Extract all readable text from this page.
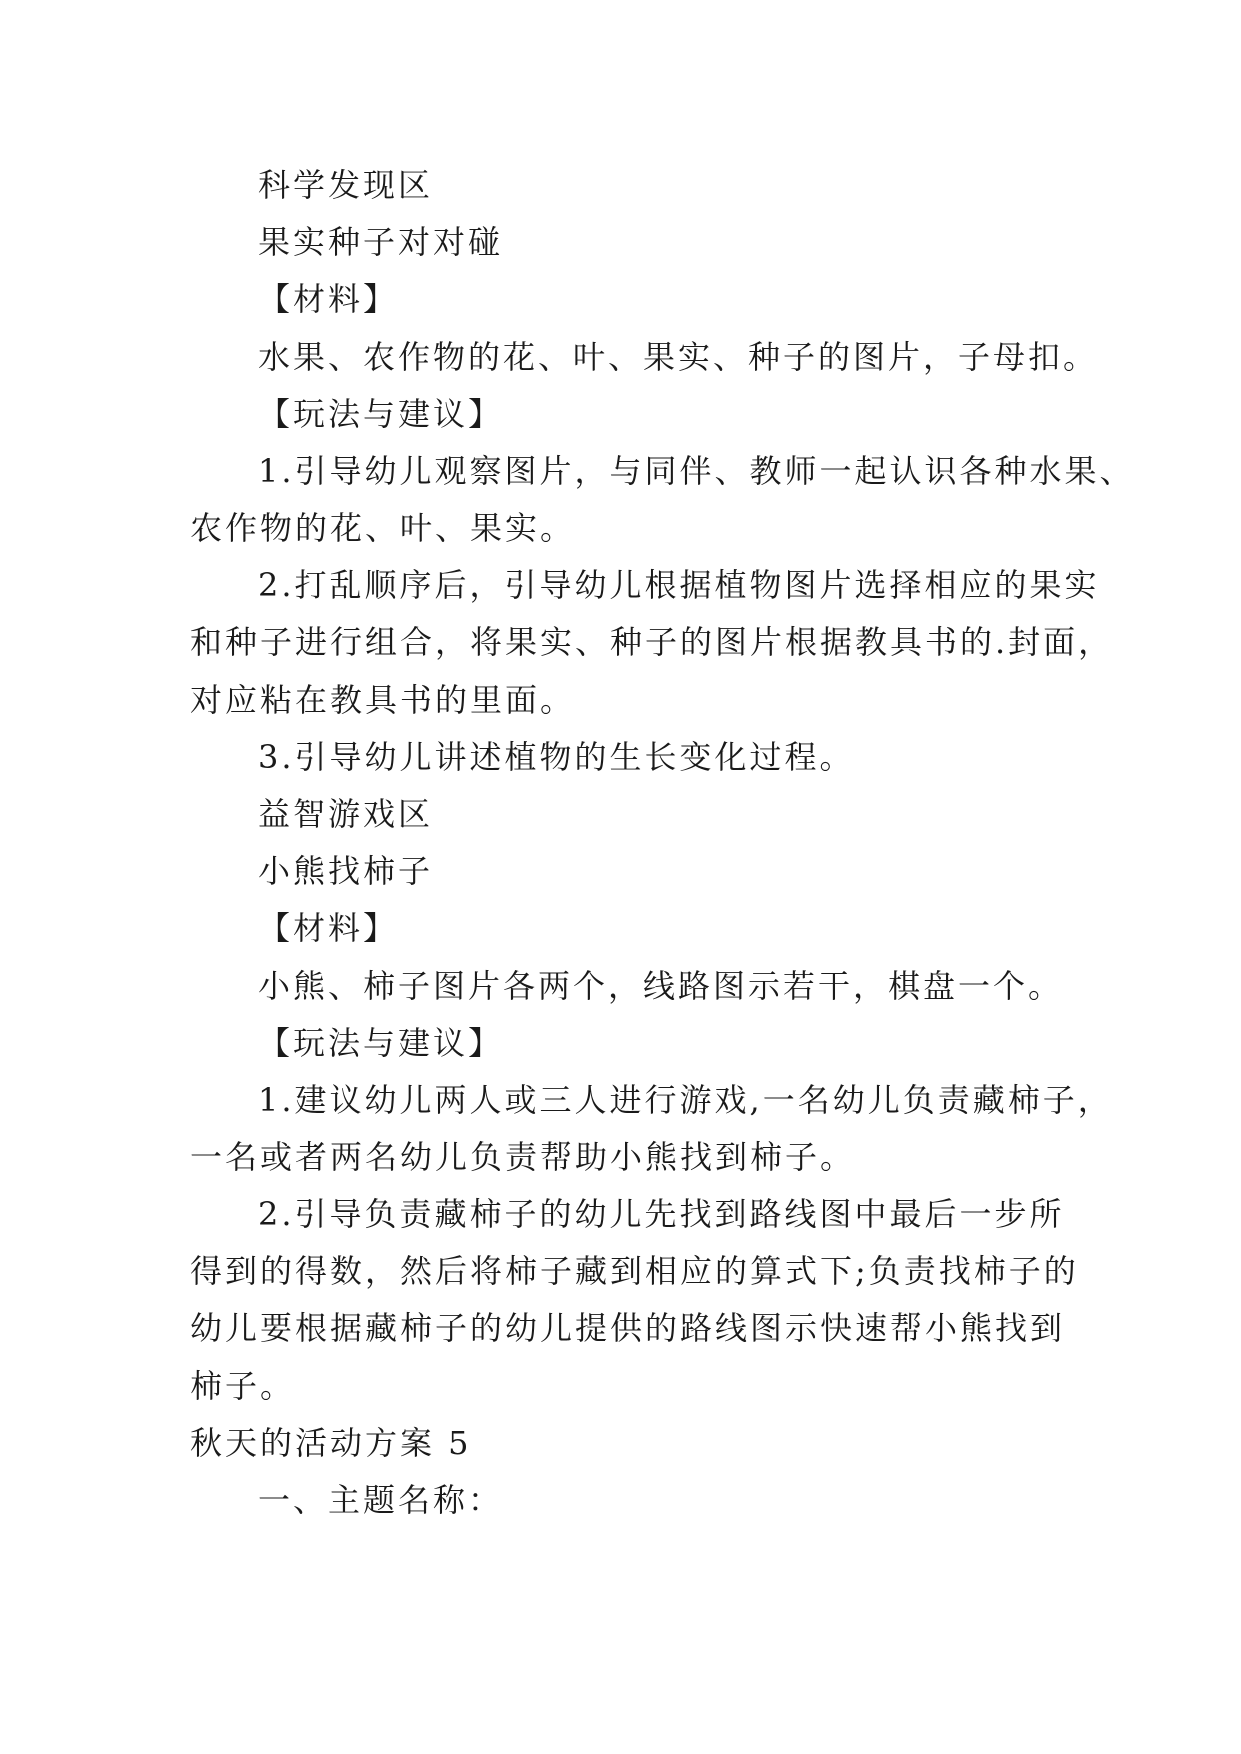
科学发现区
果实种子对对碰
【材料】
水果、农作物的花、叶、果实、种子的图片，子母扣。
【玩法与建议】
1.引导幼儿观察图片，与同伴、教师一起认识各种水果、
农作物的花、叶、果实。
2.打乱顺序后，引导幼儿根据植物图片选择相应的果实
和种子进行组合，将果实、种子的图片根据教具书的.封面，
对应粘在教具书的里面。
3.引导幼儿讲述植物的生长变化过程。
益智游戏区
小熊找柿子
【材料】
小熊、柿子图片各两个，线路图示若干，棋盘一个。
【玩法与建议】
1.建议幼儿两人或三人进行游戏,一名幼儿负责藏柿子，
一名或者两名幼儿负责帮助小熊找到柿子。
2.引导负责藏柿子的幼儿先找到路线图中最后一步所
得到的得数，然后将柿子藏到相应的算式下;负责找柿子的
幼儿要根据藏柿子的幼儿提供的路线图示快速帮小熊找到
柿子。
秋天的活动方案 5
一、主题名称：
